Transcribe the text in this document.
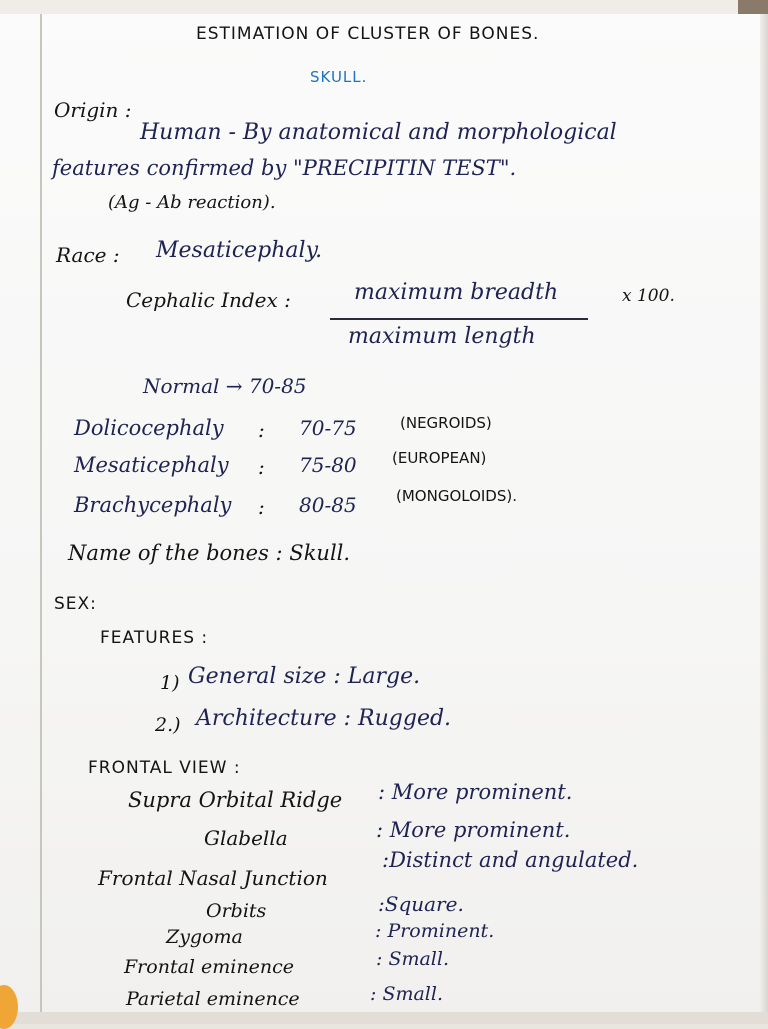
ESTIMATION OF CLUSTER OF BONES.
SKULL.
Origin :
Human - By anatomical and morphological
features confirmed by "PRECIPITIN TEST".
(Ag - Ab reaction).
Race : Mesaticephaly.
Cephalic Index :	maximum breadth
maximum length
x 100.
Normal → 70-85
Dolicocephaly : 70-75	(NEGROIDS)
Mesaticephaly : 75-80 (EUROPEAN)
Brachycephaly : 80-85	(MONGOLOIDS).
Name of the bones : Skull.
SEX:
FEATURES :
1) General size : Large.
2.) Architecture : Rugged.
FRONTAL VIEW :
Supra Orbital Ridge : More prominent.
Glabella	: More prominent.
Frontal Nasal Junction
:Distinct and angulated.
Orbits	:Square.
Zygoma	: Prominent.
Frontal eminence	: Small.
Parietal eminence	: Small.
